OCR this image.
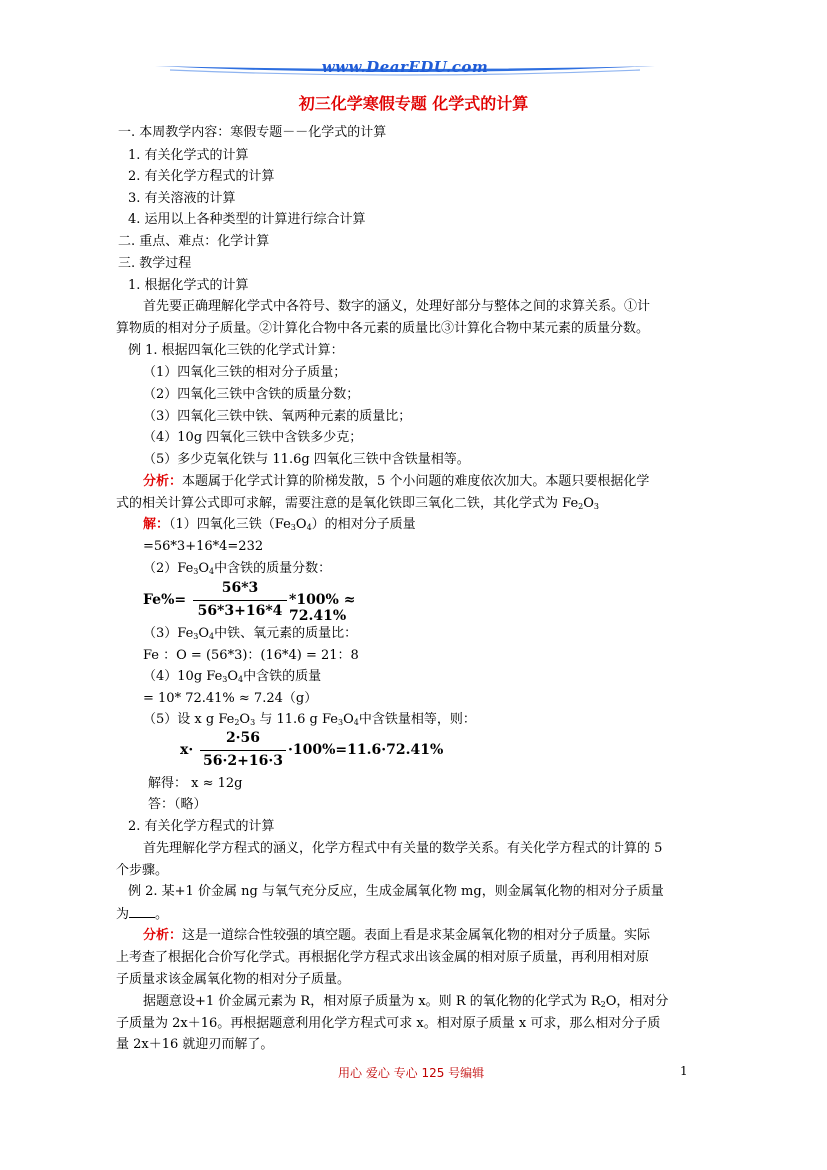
www.DearEDU.com
初三化学寒假专题 化学式的计算
一. 本周教学内容：寒假专题－－化学式的计算
1. 有关化学式的计算
2. 有关化学方程式的计算
3. 有关溶液的计算
4. 运用以上各种类型的计算进行综合计算
二. 重点、难点：化学计算
三. 教学过程
1. 根据化学式的计算
首先要正确理解化学式中各符号、数字的涵义，处理好部分与整体之间的求算关系。①计
算物质的相对分子质量。②计算化合物中各元素的质量比③计算化合物中某元素的质量分数。
例 1. 根据四氧化三铁的化学式计算：
（1）四氧化三铁的相对分子质量；
（2）四氧化三铁中含铁的质量分数；
（3）四氧化三铁中铁、氧两种元素的质量比；
（4）10g 四氧化三铁中含铁多少克；
（5）多少克氧化铁与 11.6g 四氧化三铁中含铁量相等。
分析：本题属于化学式计算的阶梯发散，5 个小问题的难度依次加大。本题只要根据化学
式的相关计算公式即可求解，需要注意的是氧化铁即三氧化二铁，其化学式为 $Fe_2O_3$
解：（1）四氧化三铁$(Fe_3O_4)$的相对分子质量
=56*3+16*4=232
$(2)Fe_3O_4$中含铁的质量分数：
Fe%=
56*3
56*3+16*4
*100% ≈ 72.41%
$(3)Fe_3O_4$中铁、氧元素的质量比：
Fe ：O = (56*3)：(16*4) = 21：8
（4）10g $Fe_3O_4$中含铁的质量
= 10* 72.41% ≈ 7.24（g）
（5）设 x g $Fe_2O_3$ 与 11.6 g $Fe_3O_4$中含铁量相等，则：
x·
2·56
56·2+16·3
·100%=11.6·72.41%
解得： x ≈ 12g
答：（略）
2. 有关化学方程式的计算
首先理解化学方程式的涵义，化学方程式中有关量的数学关系。有关化学方程式的计算的 5
个步骤。
例 2. 某+1 价金属 ng 与氧气充分反应，生成金属氧化物 mg，则金属氧化物的相对分子质量
为 。
分析：这是一道综合性较强的填空题。表面上看是求某金属氧化物的相对分子质量。实际
上考查了根据化合价写化学式。再根据化学方程式求出该金属的相对原子质量，再利用相对原
子质量求该金属氧化物的相对分子质量。
据题意设+1 价金属元素为 R，相对原子质量为 x。则 R 的氧化物的化学式为 $R_2O$，相对分
子质量为 2x＋16。再根据题意利用化学方程式可求 x。相对原子质量 x 可求，那么相对分子质
量 2x＋16 就迎刃而解了。
用心 爱心 专心 125 号编辑	1
